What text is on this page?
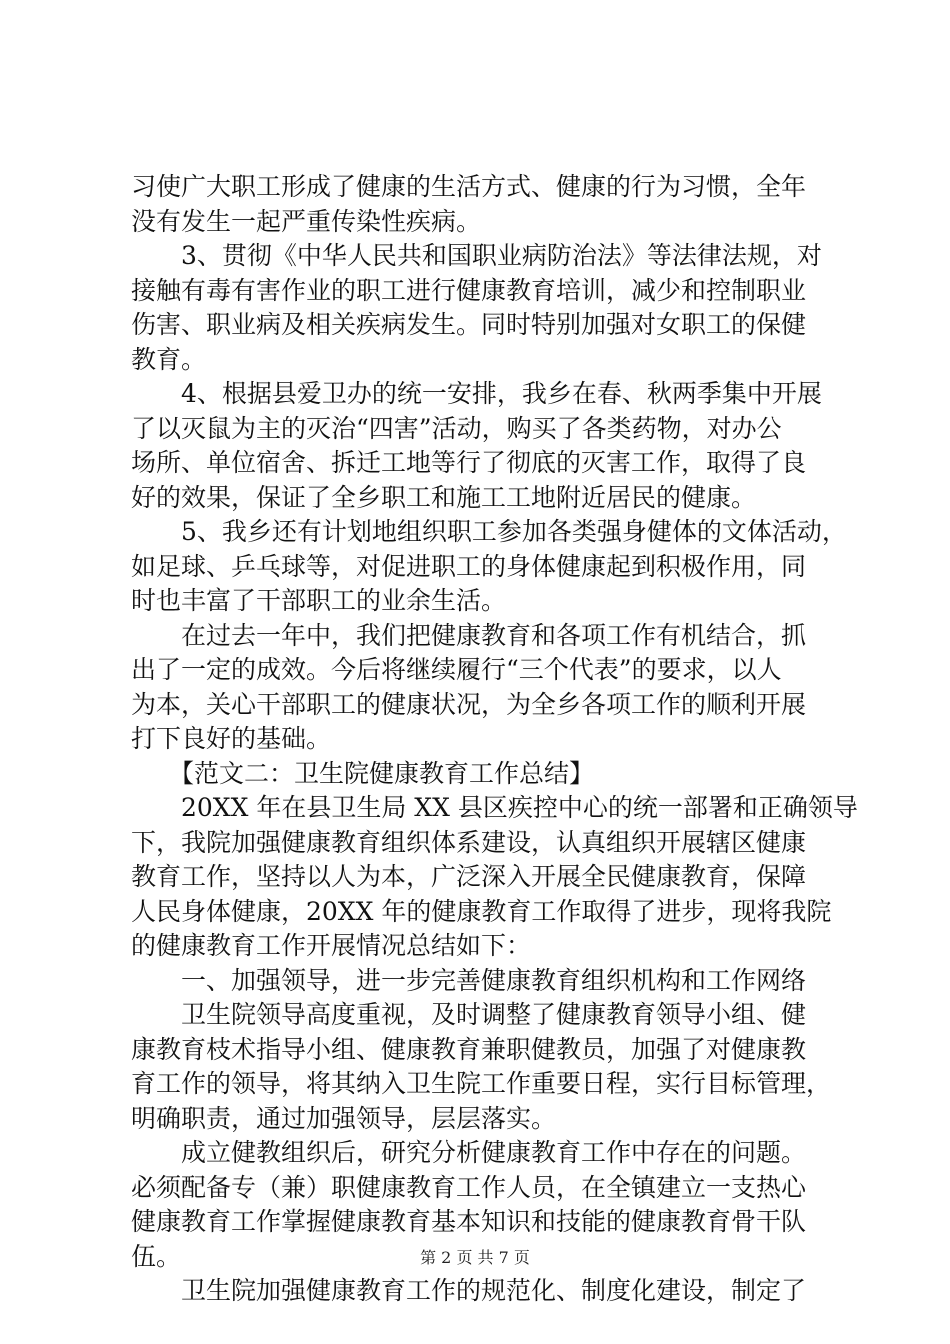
习使广大职工形成了健康的生活方式、健康的行为习惯，全年
没有发生一起严重传染性疾病。
3、贯彻《中华人民共和国职业病防治法》等法律法规，对
接触有毒有害作业的职工进行健康教育培训，减少和控制职业
伤害、职业病及相关疾病发生。同时特别加强对女职工的保健
教育。
4、根据县爱卫办的统一安排，我乡在春、秋两季集中开展
了以灭鼠为主的灭治“四害”活动，购买了各类药物，对办公
场所、单位宿舍、拆迁工地等行了彻底的灭害工作，取得了良
好的效果，保证了全乡职工和施工工地附近居民的健康。
5、我乡还有计划地组织职工参加各类强身健体的文体活动，
如足球、乒乓球等，对促进职工的身体健康起到积极作用，同
时也丰富了干部职工的业余生活。
在过去一年中，我们把健康教育和各项工作有机结合，抓
出了一定的成效。今后将继续履行“三个代表”的要求，以人
为本，关心干部职工的健康状况，为全乡各项工作的顺利开展
打下良好的基础。
【范文二：卫生院健康教育工作总结】
20XX 年在县卫生局 XX 县区疾控中心的统一部署和正确领导
下，我院加强健康教育组织体系建设，认真组织开展辖区健康
教育工作，坚持以人为本，广泛深入开展全民健康教育，保障
人民身体健康，20XX 年的健康教育工作取得了进步，现将我院
的健康教育工作开展情况总结如下：
一、加强领导，进一步完善健康教育组织机构和工作网络
卫生院领导高度重视，及时调整了健康教育领导小组、健
康教育枝术指导小组、健康教育兼职健教员，加强了对健康教
育工作的领导，将其纳入卫生院工作重要日程，实行目标管理，
明确职责，通过加强领导，层层落实。
成立健教组织后，研究分析健康教育工作中存在的问题。
必须配备专（兼）职健康教育工作人员，在全镇建立一支热心
健康教育工作掌握健康教育基本知识和技能的健康教育骨干队
伍。
卫生院加强健康教育工作的规范化、制度化建设，制定了
第 2 页 共 7 页
